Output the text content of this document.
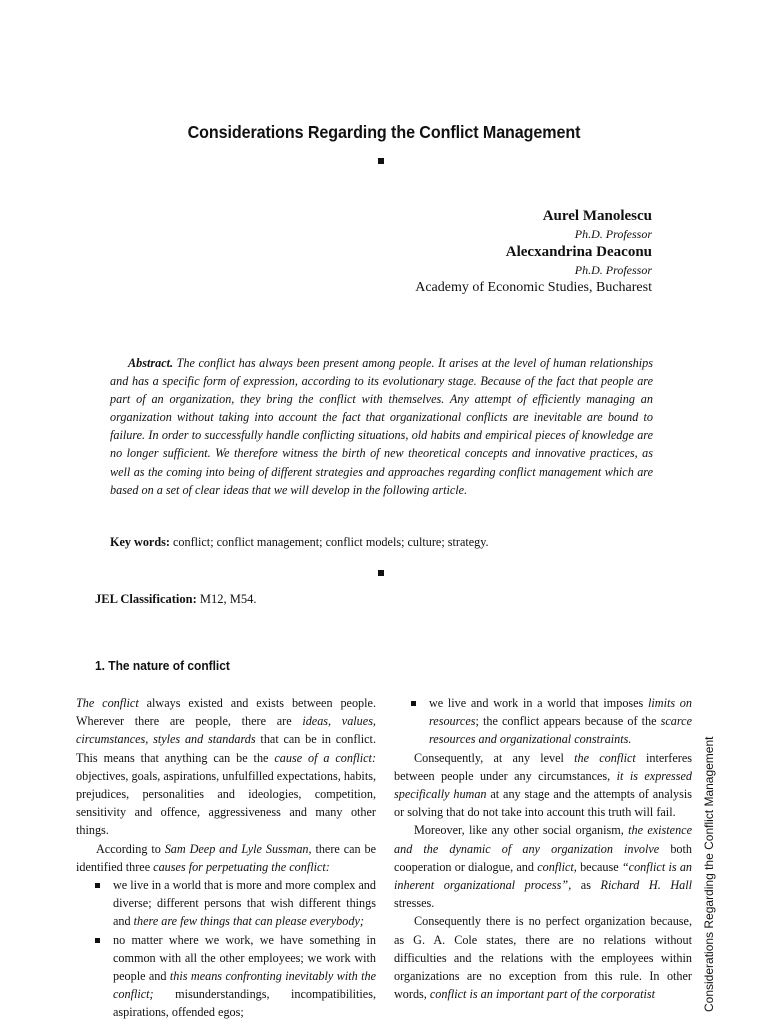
Considerations Regarding the Conflict Management
Aurel Manolescu
Ph.D. Professor
Alecxandrina Deaconu
Ph.D. Professor
Academy of Economic Studies, Bucharest
Abstract. The conflict has always been present among people. It arises at the level of human relationships and has a specific form of expression, according to its evolutionary stage. Because of the fact that people are part of an organization, they bring the conflict with themselves. Any attempt of efficiently managing an organization without taking into account the fact that organizational conflicts are inevitable are bound to failure. In order to successfully handle conflicting situations, old habits and empirical pieces of knowledge are no longer sufficient. We therefore witness the birth of new theoretical concepts and innovative practices, as well as the coming into being of different strategies and approaches regarding conflict management which are based on a set of clear ideas that we will develop in the following article.
Key words: conflict; conflict management; conflict models; culture; strategy.
JEL Classification: M12, M54.
1. The nature of conflict

The conflict always existed and exists between people. Wherever there are people, there are ideas, values, circumstances, styles and standards that can be in conflict. This means that anything can be the cause of a conflict: objectives, goals, aspirations, unfulfilled expectations, habits, prejudices, personalities and ideologies, competition, sensitivity and offence, aggressiveness and many other things.

According to Sam Deep and Lyle Sussman, there can be identified three causes for perpetuating the conflict:

we live in a world that is more and more complex and diverse; different persons that wish different things and there are few things that can please everybody;
no matter where we work, we have something in common with all the other employees; we work with people and this means confronting inevitably with the conflict; misunderstandings, incompatibilities, aspirations, offended egos;
we live and work in a world that imposes limits on resources; the conflict appears because of the scarce resources and organizational constraints.

Consequently, at any level the conflict interferes between people under any circumstances, it is expressed specifically human at any stage and the attempts of analysis or solving that do not take into account this truth will fail.

Moreover, like any other social organism, the existence and the dynamic of any organization involve both cooperation or dialogue, and conflict, because “conflict is an inherent organizational process”, as Richard H. Hall stresses.

Consequently there is no perfect organization because, as G. A. Cole states, there are no relations without difficulties and the relations with the employees within organizations are no exception from this rule. In other words, conflict is an important part of the corporatist	Considerations Regarding the Conflict Management
